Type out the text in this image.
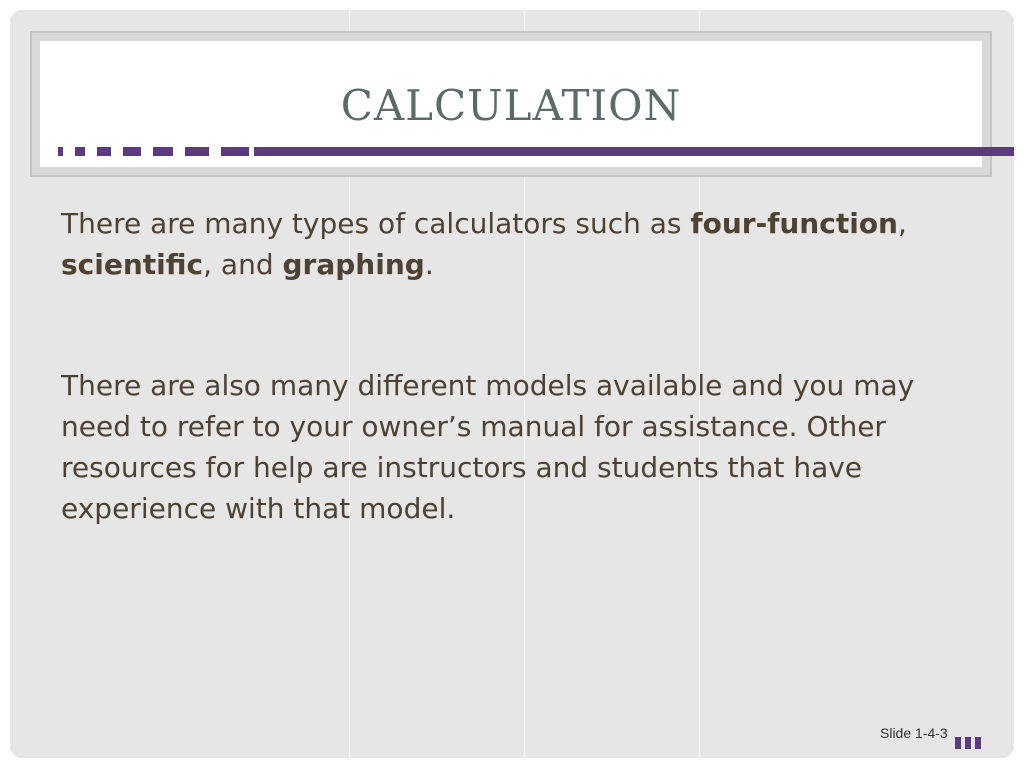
CALCULATION

There are many types of calculators such as four-function, scientific, and graphing.

There are also many different models available and you may need to refer to your owner’s manual for assistance. Other resources for help are instructors and students that have experience with that model.

Slide 1-4-3
